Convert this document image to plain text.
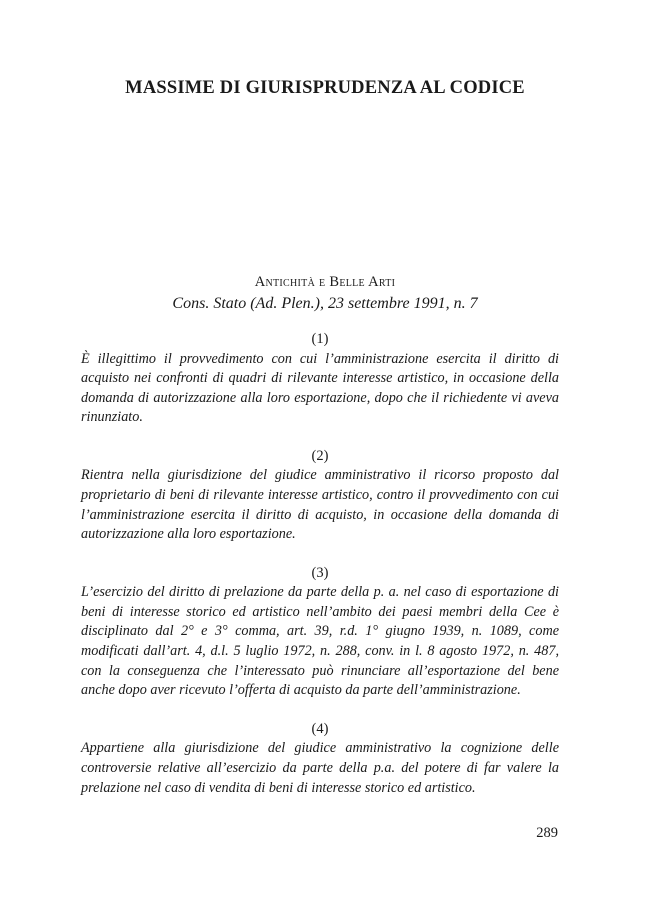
MASSIME DI GIURISPRUDENZA AL CODICE

Antichità e Belle Arti

Cons. Stato (Ad. Plen.), 23 settembre 1991, n. 7

(1)

È illegittimo il provvedimento con cui l’amministrazione esercita il diritto di acquisto nei confronti di quadri di rilevante interesse artistico, in occasione della domanda di autorizzazione alla loro esportazione, dopo che il richiedente vi aveva rinunziato.

(2)

Rientra nella giurisdizione del giudice amministrativo il ricorso proposto dal proprietario di beni di rilevante interesse artistico, contro il provvedimento con cui l’amministrazione esercita il diritto di acquisto, in occasione della domanda di autorizzazione alla loro esportazione.

(3)

L’esercizio del diritto di prelazione da parte della p. a. nel caso di esportazione di beni di interesse storico ed artistico nell’ambito dei paesi membri della Cee è disciplinato dal 2° e 3° comma, art. 39, r.d. 1° giugno 1939, n. 1089, come modificati dall’art. 4, d.l. 5 luglio 1972, n. 288, conv. in l. 8 agosto 1972, n. 487, con la conseguenza che l’interessato può rinunciare all’esportazione del bene anche dopo aver ricevuto l’offerta di acquisto da parte dell’amministrazione.

(4)

Appartiene alla giurisdizione del giudice amministrativo la cognizione delle controversie relative all’esercizio da parte della p.a. del potere di far valere la prelazione nel caso di vendita di beni di interesse storico ed artistico.

289
